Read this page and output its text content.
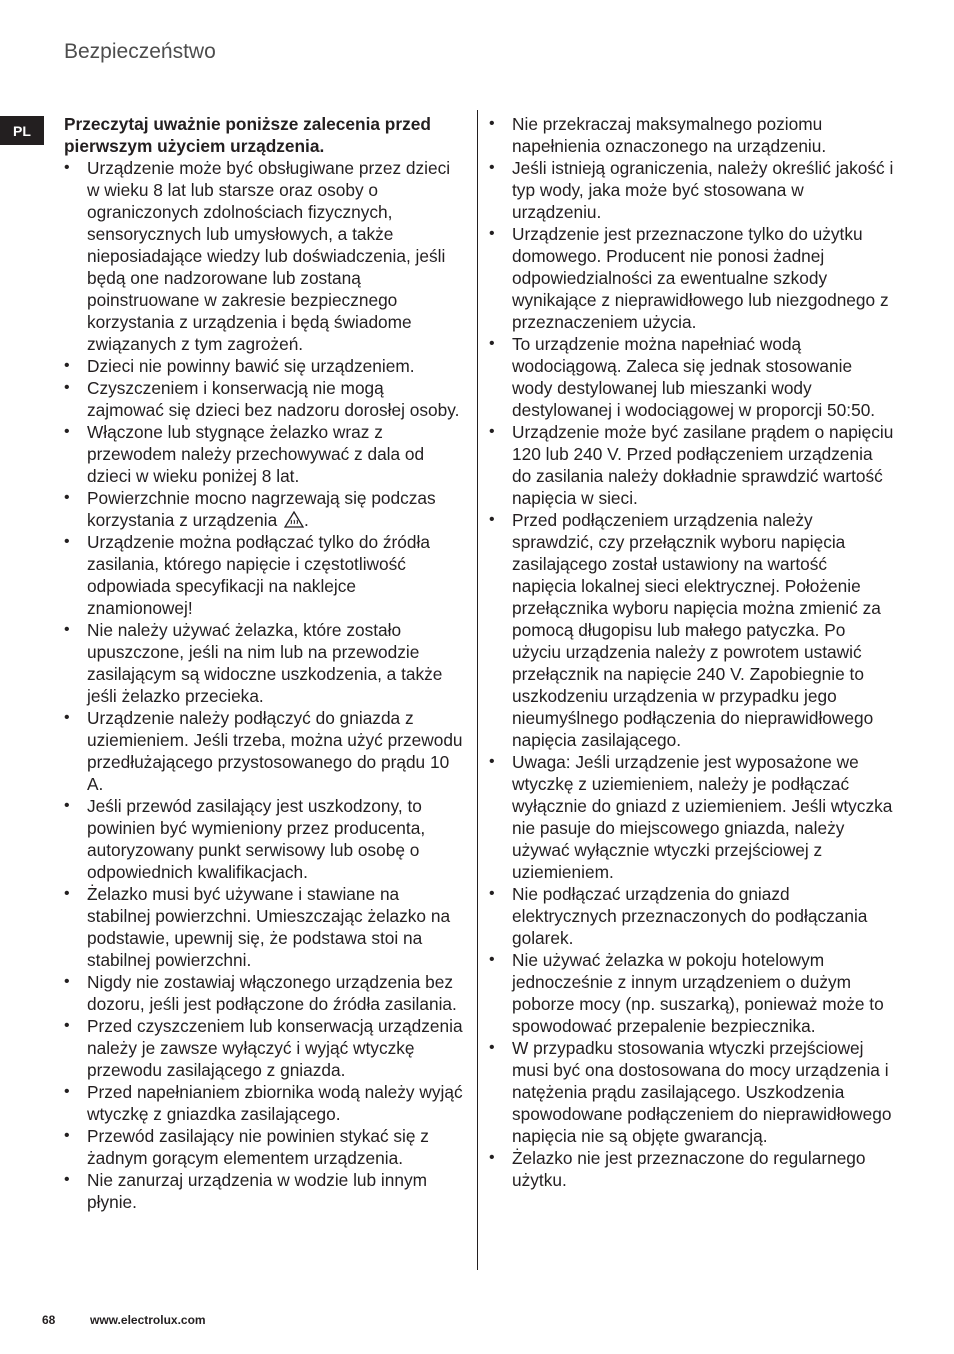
Bezpieczeństwo
PL	Przeczytaj uważnie poniższe zalecenia przed pierwszym użyciem urządzenia.

• Urządzenie może być obsługiwane przez dzieci w wieku 8 lat lub starsze oraz osoby o ograniczonych zdolnościach fizycznych, sensorycznych lub umysłowych, a także nieposiadające wiedzy lub doświadczenia, jeśli będą one nadzorowane lub zostaną poinstruowane w zakresie bezpiecznego korzystania z urządzenia i będą świadome związanych z tym zagrożeń.
• Dzieci nie powinny bawić się urządzeniem.
• Czyszczeniem i konserwacją nie mogą zajmować się dzieci bez nadzoru dorosłej osoby.
• Włączone lub stygnące żelazko wraz z przewodem należy przechowywać z dala od dzieci w wieku poniżej 8 lat.
• Powierzchnie mocno nagrzewają się podczas korzystania z urządzenia .
• Urządzenie można podłączać tylko do źródła zasilania, którego napięcie i częstotliwość odpowiada specyfikacji na naklejce znamionowej!
• Nie należy używać żelazka, które zostało upuszczone, jeśli na nim lub na przewodzie zasilającym są widoczne uszkodzenia, a także jeśli żelazko przecieka.
• Urządzenie należy podłączyć do gniazda z uziemieniem. Jeśli trzeba, można użyć przewodu przedłużającego przystosowanego do prądu 10 A.
• Jeśli przewód zasilający jest uszkodzony, to powinien być wymieniony przez producenta, autoryzowany punkt serwisowy lub osobę o odpowiednich kwalifikacjach.
• Żelazko musi być używane i stawiane na stabilnej powierzchni. Umieszczając żelazko na podstawie, upewnij się, że podstawa stoi na stabilnej powierzchni.
• Nigdy nie zostawiaj włączonego urządzenia bez dozoru, jeśli jest podłączone do źródła zasilania.
• Przed czyszczeniem lub konserwacją urządzenia należy je zawsze wyłączyć i wyjąć wtyczkę przewodu zasilającego z gniazda.
• Przed napełnianiem zbiornika wodą należy wyjąć wtyczkę z gniazdka zasilającego.
• Przewód zasilający nie powinien stykać się z żadnym gorącym elementem urządzenia.
• Nie zanurzaj urządzenia w wodzie lub innym płynie.
• Nie przekraczaj maksymalnego poziomu napełnienia oznaczonego na urządzeniu.
• Jeśli istnieją ograniczenia, należy określić jakość i typ wody, jaka może być stosowana w urządzeniu.
• Urządzenie jest przeznaczone tylko do użytku domowego. Producent nie ponosi żadnej odpowiedzialności za ewentualne szkody wynikające z nieprawidłowego lub niezgodnego z przeznaczeniem użycia.
• To urządzenie można napełniać wodą wodociągową. Zaleca się jednak stosowanie wody destylowanej lub mieszanki wody destylowanej i wodociągowej w proporcji 50:50.
• Urządzenie może być zasilane prądem o napięciu 120 lub 240 V. Przed podłączeniem urządzenia do zasilania należy dokładnie sprawdzić wartość napięcia w sieci.
• Przed podłączeniem urządzenia należy sprawdzić, czy przełącznik wyboru napięcia zasilającego został ustawiony na wartość napięcia lokalnej sieci elektrycznej. Położenie przełącznika wyboru napięcia można zmienić za pomocą długopisu lub małego patyczka. Po użyciu urządzenia należy z powrotem ustawić przełącznik na napięcie 240 V. Zapobiegnie to uszkodzeniu urządzenia w przypadku jego nieumyślnego podłączenia do nieprawidłowego napięcia zasilającego.
• Uwaga: Jeśli urządzenie jest wyposażone we wtyczkę z uziemieniem, należy je podłączać wyłącznie do gniazd z uziemieniem. Jeśli wtyczka nie pasuje do miejscowego gniazda, należy używać wyłącznie wtyczki przejściowej z uziemieniem.
• Nie podłączać urządzenia do gniazd elektrycznych przeznaczonych do podłączania golarek.
• Nie używać żelazka w pokoju hotelowym jednocześnie z innym urządzeniem o dużym poborze mocy (np. suszarką), ponieważ może to spowodować przepalenie bezpiecznika.
• W przypadku stosowania wtyczki przejściowej musi być ona dostosowana do mocy urządzenia i natężenia prądu zasilającego. Uszkodzenia spowodowane podłączeniem do nieprawidłowego napięcia nie są objęte gwarancją.
• Żelazko nie jest przeznaczone do regularnego użytku.
68	www.electrolux.com
